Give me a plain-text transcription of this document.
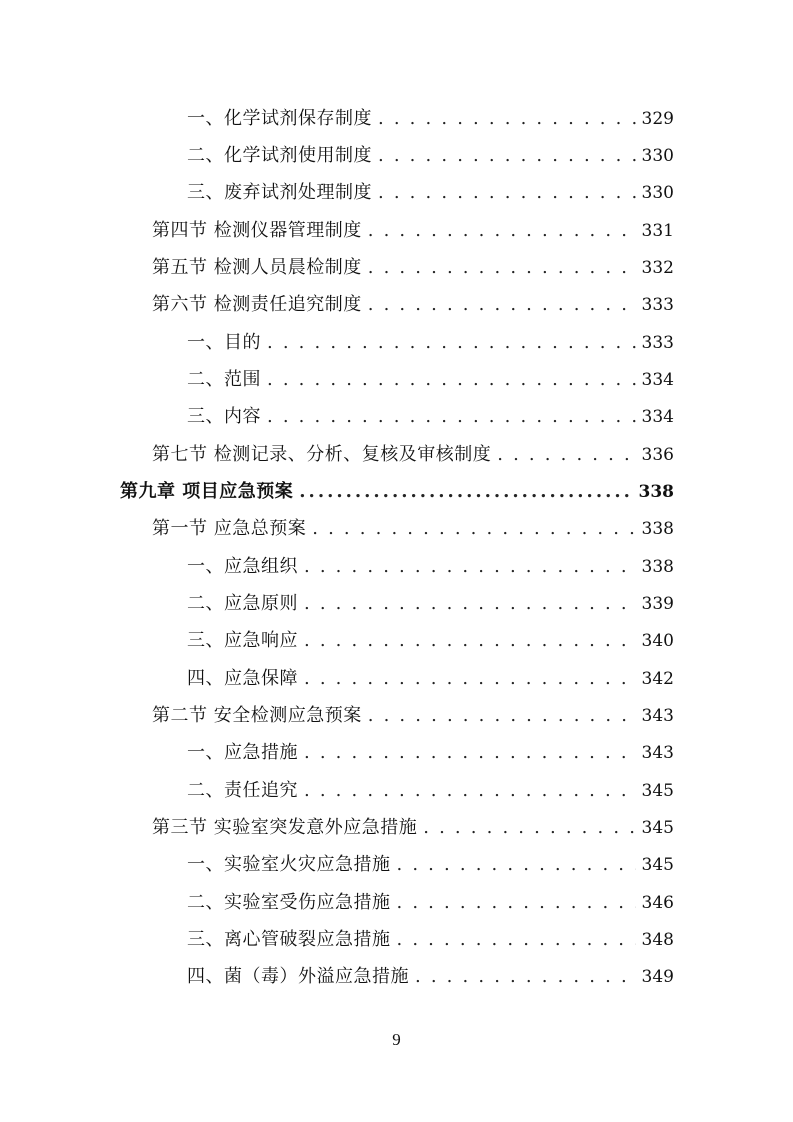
一、化学试剂保存制度 . . .	329
二、化学试剂使用制度 . . .	330
三、废弃试剂处理制度 . . .	330
第四节 检测仪器管理制度 . . .	331
第五节 检测人员晨检制度 . . .	332
第六节 检测责任追究制度 . . .	333
一、目的 . . .	333
二、范围 . . .	334
三、内容 . . .	334
第七节 检测记录、分析、复核及审核制度 . . .	336
第九章 项目应急预案 .....	338
第一节 应急总预案 . . .	338
一、应急组织 . . .	338
二、应急原则 . . .	339
三、应急响应 . . .	340
四、应急保障 . . .	342
第二节 安全检测应急预案 . . .	343
一、应急措施 . . .	343
二、责任追究 . . .	345
第三节 实验室突发意外应急措施 . . .	345
一、实验室火灾应急措施 . . .	345
二、实验室受伤应急措施 . . .	346
三、离心管破裂应急措施 . . .	348
四、菌（毒）外溢应急措施 . . .	349
9
